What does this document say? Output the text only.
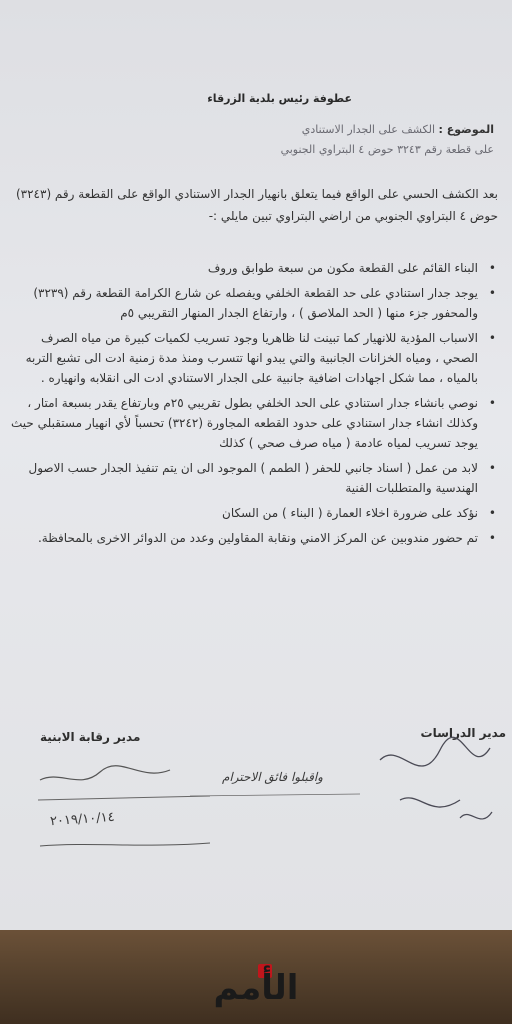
عطوفة رئيس بلدية الزرقاء
الموضوع : الكشف على الجدار الاستنادي
على قطعة رقم ٣٢٤٣ حوض ٤ البتراوي الجنوبي
بعد الكشف الحسي على الواقع فيما يتعلق بانهيار الجدار الاستنادي الواقع على القطعة رقم (٣٢٤٣) حوض ٤ البتراوي الجنوبي من اراضي البتراوي تبين مايلي :-
•
البناء القائم على القطعة مكون من سبعة طوابق وروف
•
يوجد جدار استنادي على حد القطعة الخلفي ويفصله عن شارع الكرامة القطعة رقم (٣٢٣٩) والمحفور جزء منها ( الحد الملاصق ) ، وارتفاع الجدار المنهار التقريبي ٥م
•
الاسباب المؤدية للانهيار كما تبينت لنا ظاهريا وجود تسريب لكميات كبيرة من مياه الصرف الصحي ، ومياه الخزانات الجانبية والتي يبدو انها تتسرب ومنذ مدة زمنية ادت الى تشبع التربه بالمياه ، مما شكل اجهادات اضافية جانبية على الجدار الاستنادي ادت الى انقلابه وانهياره .
•
نوصي بانشاء جدار استنادي على الحد الخلفي بطول تقريبي ٢٥م وبارتفاع يقدر بسبعة امتار ، وكذلك انشاء جدار استنادي على حدود القطعه المجاورة (٣٢٤٢) تحسباً لأي انهيار مستقبلي حيث يوجد تسريب لمياه عادمة ( مياه صرف صحي ) كذلك
•
لابد من عمل ( اسناد جانبي للحفر ( الطمم ) الموجود الى ان يتم تنفيذ الجدار حسب الاصول الهندسية والمتطلبات الفنية
•
نؤكد على ضرورة اخلاء العمارة ( البناء ) من السكان
•
تم حضور مندوبين عن المركز الامني ونقابة المقاولين وعدد من الدوائر الاخرى بالمحافظة.
مدير الدراسات
مدير رقابة الابنية
واقبلوا فائق الاحترام
٢٠١٩/١٠/١٤
الأمم
